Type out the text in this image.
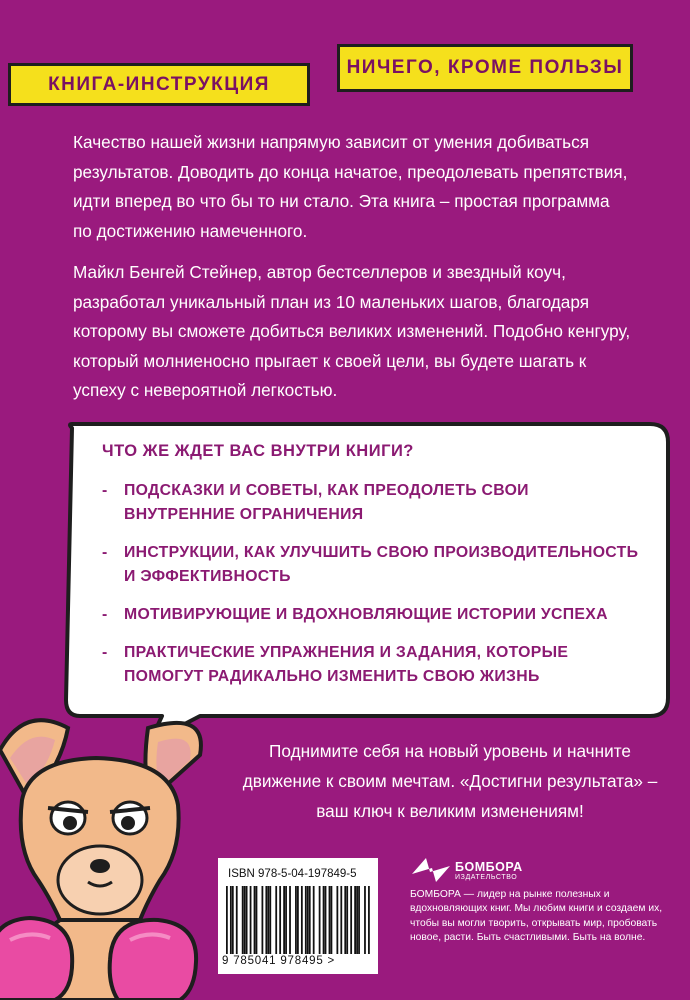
КНИГА-ИНСТРУКЦИЯ
НИЧЕГО, КРОМЕ ПОЛЬЗЫ

Качество нашей жизни напрямую зависит от умения добиваться результатов. Доводить до конца начатое, преодолевать препятствия, идти вперед во что бы то ни стало. Эта книга – простая программа по достижению намеченного.

Майкл Бенгей Стейнер, автор бестселлеров и звездный коуч, разработал уникальный план из 10 маленьких шагов, благодаря которому вы сможете добиться великих изменений. Подобно кенгуру, который молниеносно прыгает к своей цели, вы будете шагать к успеху с невероятной легкостью.

ЧТО ЖЕ ЖДЕТ ВАС ВНУТРИ КНИГИ?

-	ПОДСКАЗКИ И СОВЕТЫ, КАК ПРЕОДОЛЕТЬ СВОИ ВНУТРЕННИЕ ОГРАНИЧЕНИЯ
-	ИНСТРУКЦИИ, КАК УЛУЧШИТЬ СВОЮ ПРОИЗВОДИТЕЛЬНОСТЬ И ЭФФЕКТИВНОСТЬ
-	МОТИВИРУЮЩИЕ И ВДОХНОВЛЯЮЩИЕ ИСТОРИИ УСПЕХА
-	ПРАКТИЧЕСКИЕ УПРАЖНЕНИЯ И ЗАДАНИЯ, КОТОРЫЕ ПОМОГУТ РАДИКАЛЬНО ИЗМЕНИТЬ СВОЮ ЖИЗНЬ

Поднимите себя на новый уровень и начните движение к своим мечтам. «Достигни результата» – ваш ключ к великим изменениям!

ISBN 978-5-04-197849-5
9 785041 978495 >
БОМБОРА
ИЗДАТЕЛЬСТВО

БОМБОРА — лидер на рынке полезных и вдохновляющих книг. Мы любим книги и создаем их, чтобы вы могли творить, открывать мир, пробовать новое, расти. Быть счастливыми. Быть на волне.
